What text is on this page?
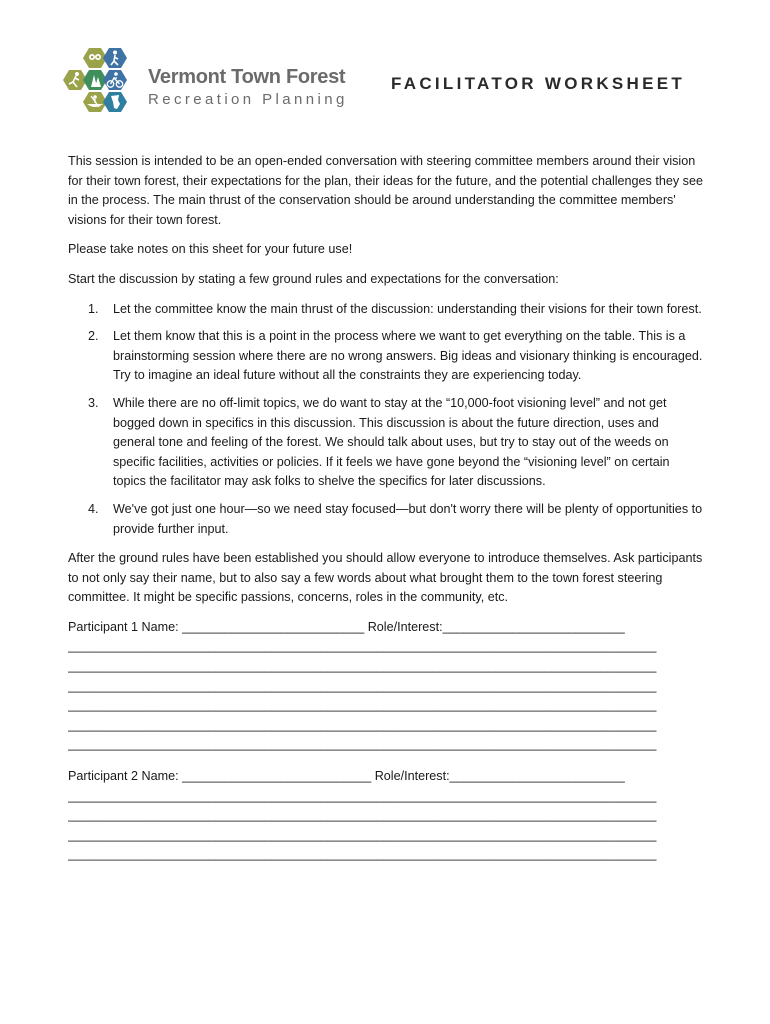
Vermont Town Forest
Recreation Planning
FACILITATOR WORKSHEET

This session is intended to be an open-ended conversation with steering committee members around their vision for their town forest, their expectations for the plan, their ideas for the future, and the potential challenges they see in the process. The main thrust of the conservation should be around understanding the committee members' visions for their town forest.

Please take notes on this sheet for your future use!

Start the discussion by stating a few ground rules and expectations for the conversation:

1. Let the committee know the main thrust of the discussion: understanding their visions for their town forest.
2. Let them know that this is a point in the process where we want to get everything on the table. This is a brainstorming session where there are no wrong answers. Big ideas and visionary thinking is encouraged. Try to imagine an ideal future without all the constraints they are experiencing today.
3. While there are no off-limit topics, we do want to stay at the “10,000-foot visioning level” and not get bogged down in specifics in this discussion. This discussion is about the future direction, uses and general tone and feeling of the forest. We should talk about uses, but try to stay out of the weeds on specific facilities, activities or policies. If it feels we have gone beyond the “visioning level” on certain topics the facilitator may ask folks to shelve the specifics for later discussions.
4. We've got just one hour—so we need stay focused—but don't worry there will be plenty of opportunities to provide further input.

After the ground rules have been established you should allow everyone to introduce themselves. Ask participants to not only say their name, but to also say a few words about what brought them to the town forest steering committee. It might be specific passions, concerns, roles in the community, etc.

Participant 1 Name: __________________________ Role/Interest:__________________________
____________________________________________________________________________________
____________________________________________________________________________________
____________________________________________________________________________________
____________________________________________________________________________________
____________________________________________________________________________________
____________________________________________________________________________________
Participant 2 Name: ___________________________ Role/Interest:_________________________
____________________________________________________________________________________
____________________________________________________________________________________
____________________________________________________________________________________
____________________________________________________________________________________
